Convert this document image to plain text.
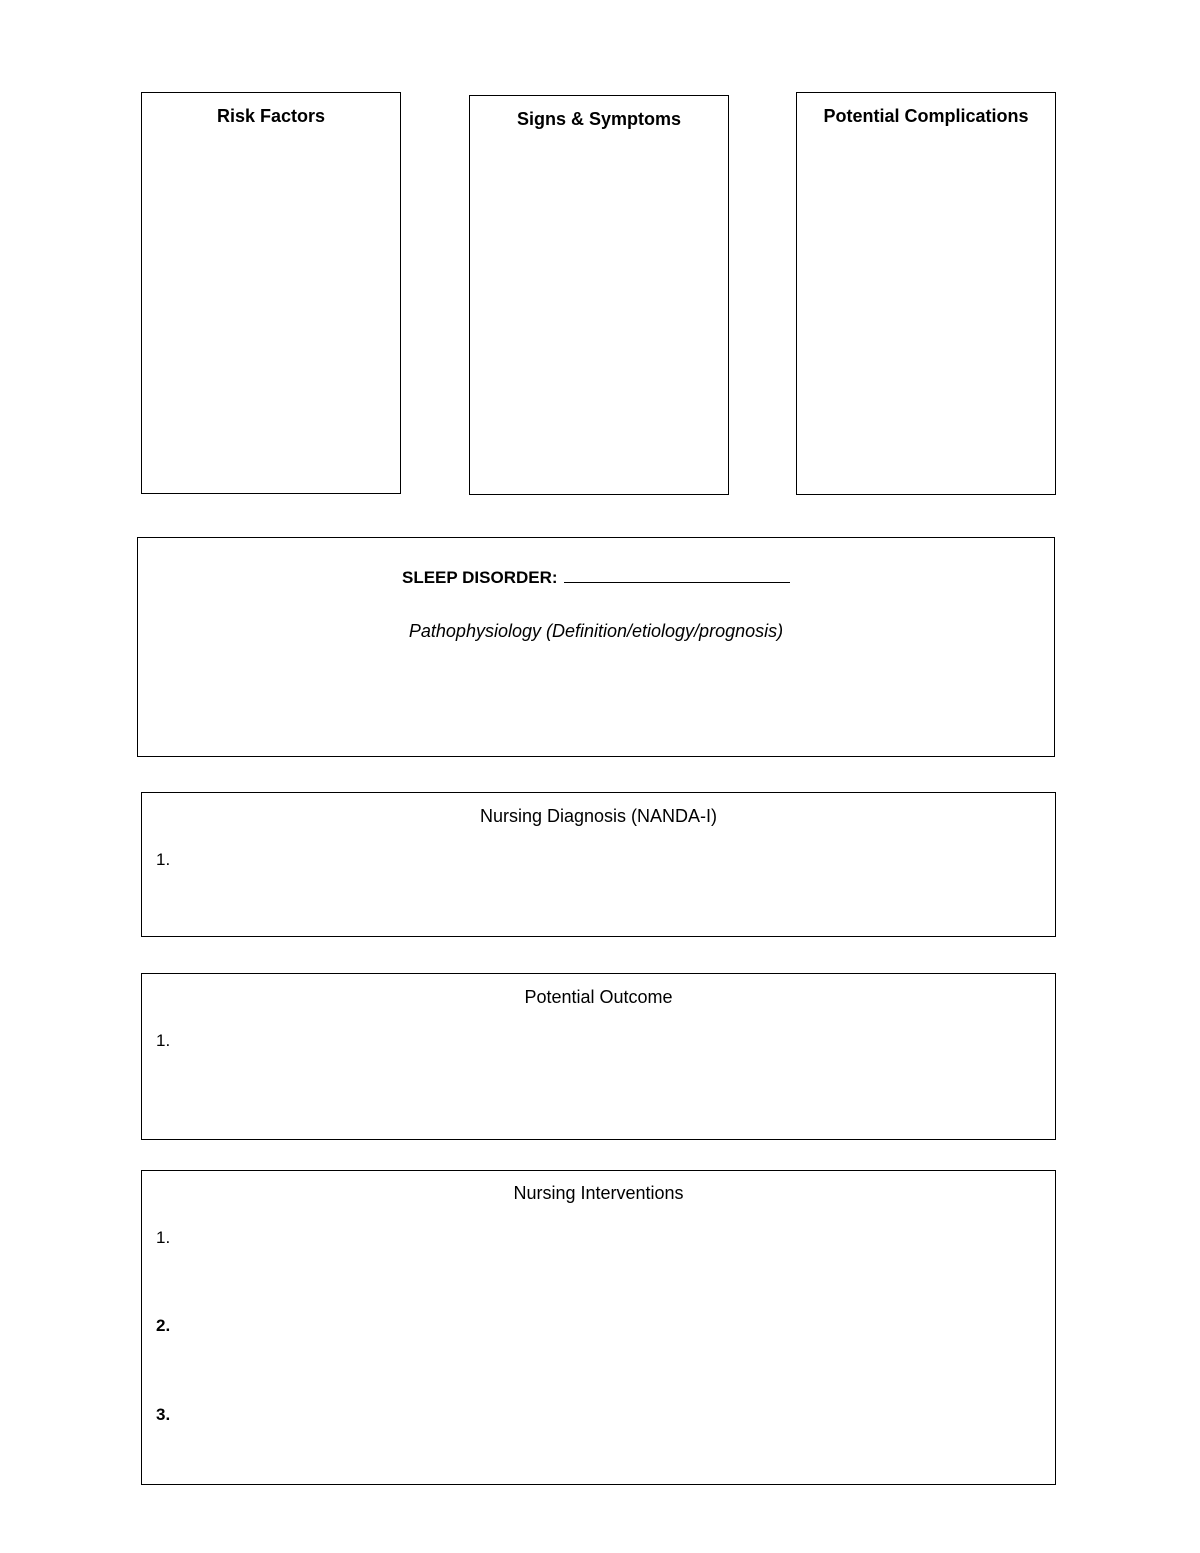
Risk Factors	Signs & Symptoms	Potential Complications
SLEEP DISORDER:
Pathophysiology (Definition/etiology/prognosis)
Nursing Diagnosis (NANDA-I)
1.
Potential Outcome
1.
Nursing Interventions
1.
2.
3.
